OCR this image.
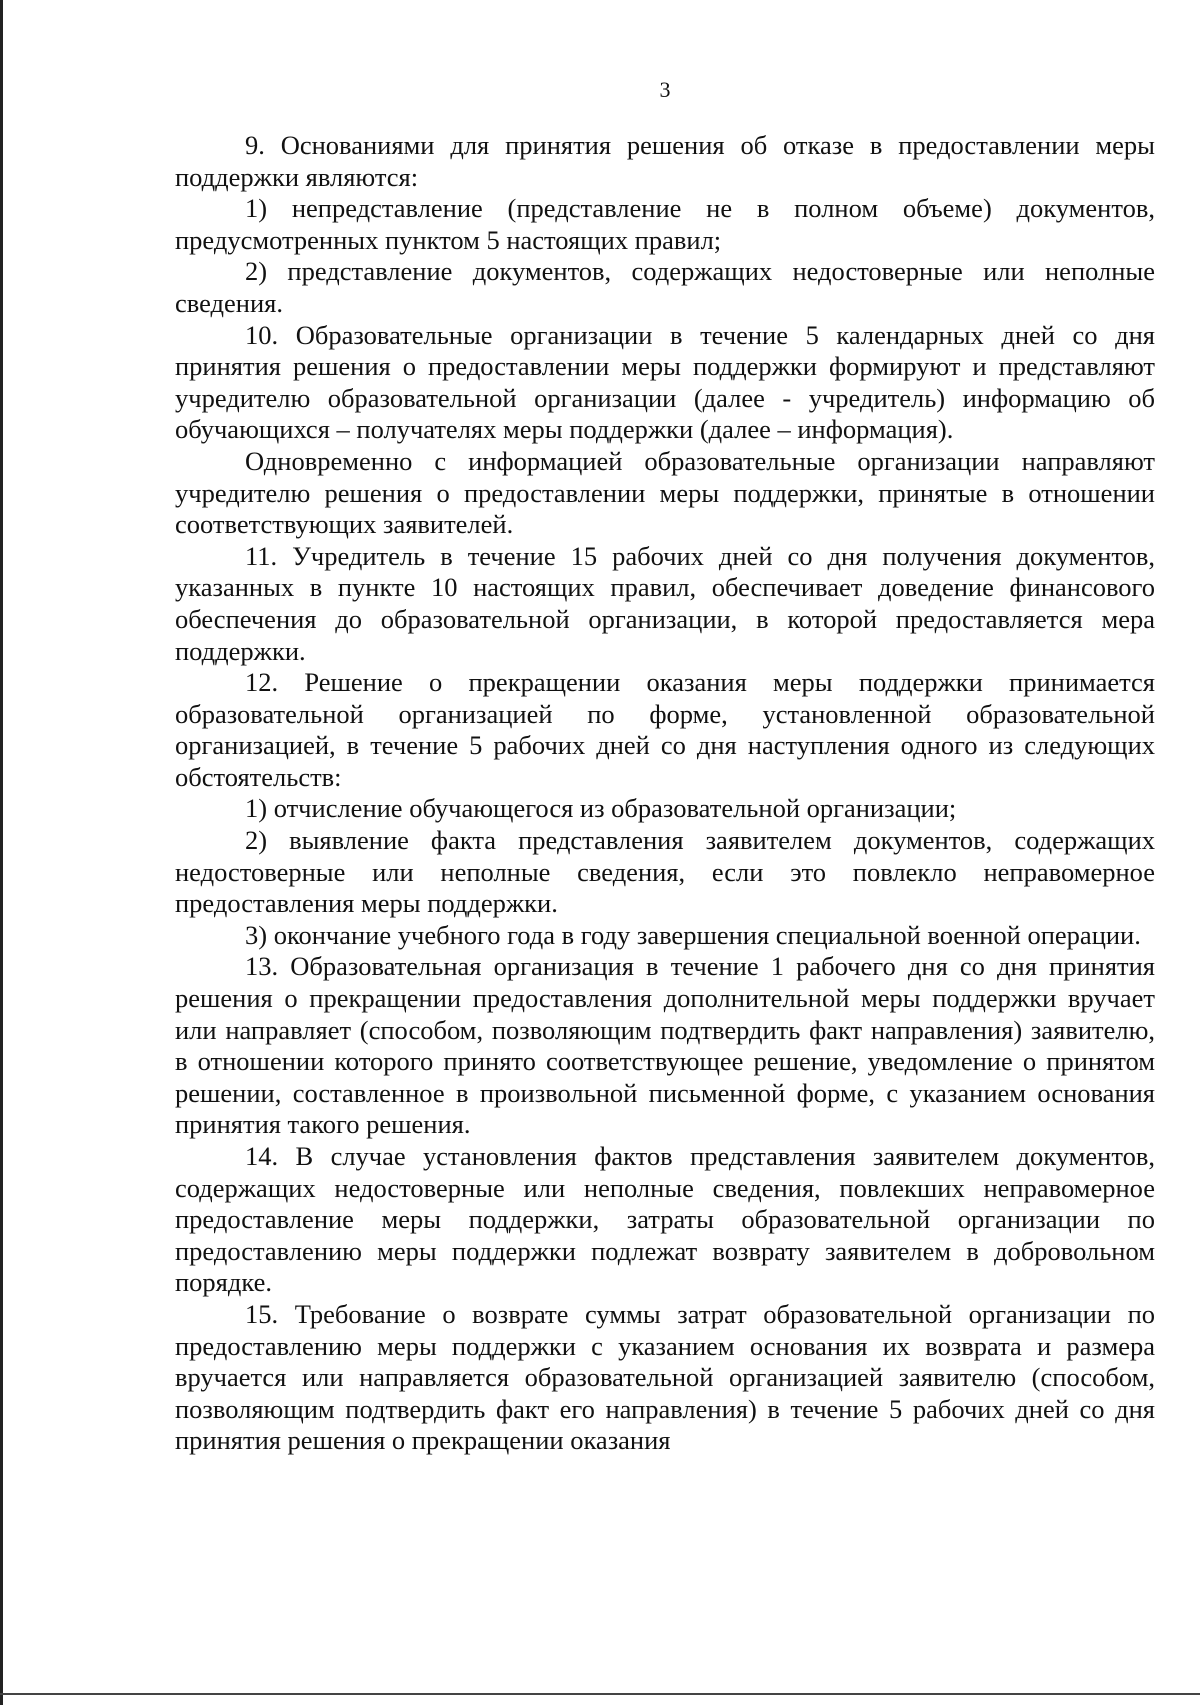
3

9. Основаниями для принятия решения об отказе в предоставлении меры поддержки являются:

1) непредставление (представление не в полном объеме) документов, предусмотренных пунктом 5 настоящих правил;

2) представление документов, содержащих недостоверные или неполные сведения.

10. Образовательные организации в течение 5 календарных дней со дня принятия решения о предоставлении меры поддержки формируют и представляют учредителю образовательной организации (далее - учредитель) информацию об обучающихся – получателях меры поддержки (далее – информация).

Одновременно с информацией образовательные организации направляют учредителю решения о предоставлении меры поддержки, принятые в отношении соответствующих заявителей.

11. Учредитель в течение 15 рабочих дней со дня получения документов, указанных в пункте 10 настоящих правил, обеспечивает доведение финансового обеспечения до образовательной организации, в которой предоставляется мера поддержки.

12. Решение о прекращении оказания меры поддержки принимается образовательной организацией по форме, установленной образовательной организацией, в течение 5 рабочих дней со дня наступления одного из следующих обстоятельств:

1) отчисление обучающегося из образовательной организации;

2) выявление факта представления заявителем документов, содержащих недостоверные или неполные сведения, если это повлекло неправомерное предоставления меры поддержки.

3) окончание учебного года в году завершения специальной военной операции.

13. Образовательная организация в течение 1 рабочего дня со дня принятия решения о прекращении предоставления дополнительной меры поддержки вручает или направляет (способом, позволяющим подтвердить факт направления) заявителю, в отношении которого принято соответствующее решение, уведомление о принятом решении, составленное в произвольной письменной форме, с указанием основания принятия такого решения.

14. В случае установления фактов представления заявителем документов, содержащих недостоверные или неполные сведения, повлекших неправомерное предоставление меры поддержки, затраты образовательной организации по предоставлению меры поддержки подлежат возврату заявителем в добровольном порядке.

15. Требование о возврате суммы затрат образовательной организации по предоставлению меры поддержки с указанием основания их возврата и размера вручается или направляется образовательной организацией заявителю (способом, позволяющим подтвердить факт его направления) в течение 5 рабочих дней со дня принятия решения о прекращении оказания
